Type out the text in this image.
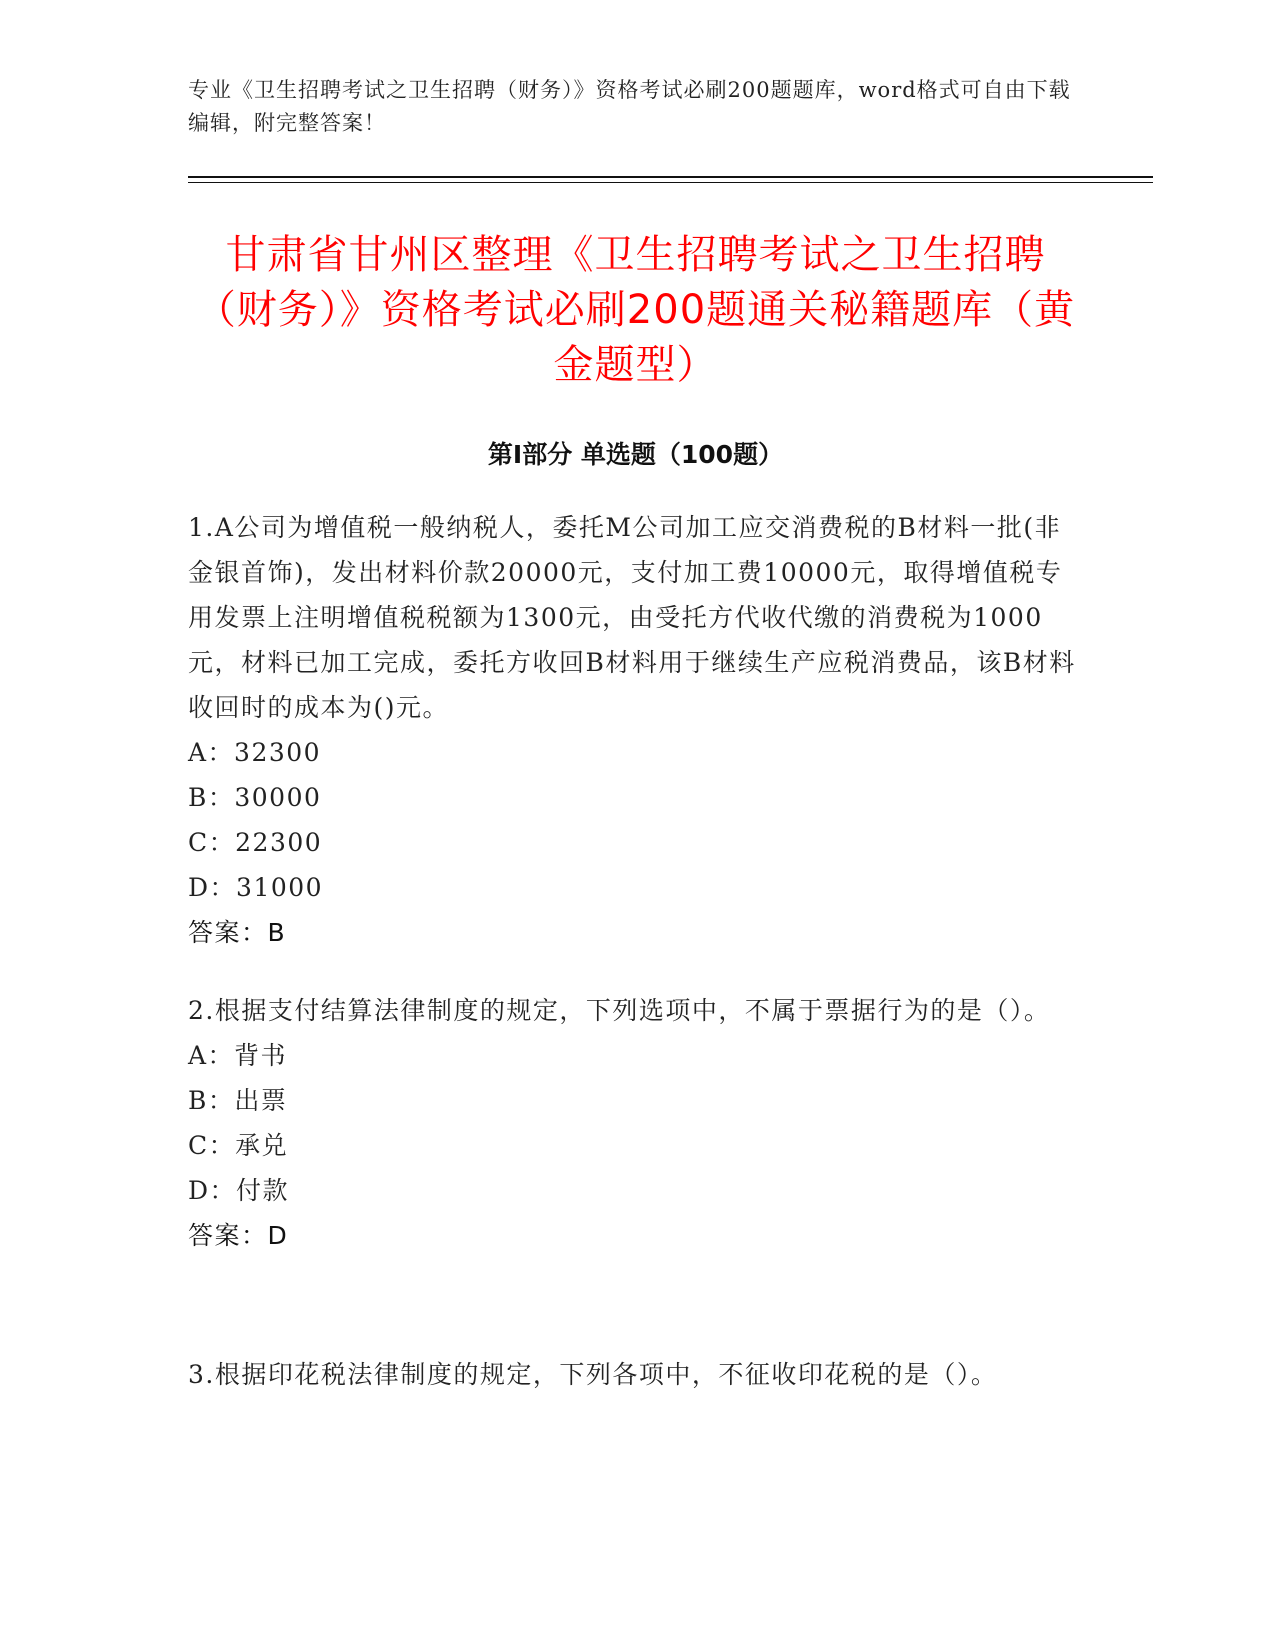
专业《卫生招聘考试之卫生招聘（财务）》资格考试必刷200题题库，word格式可自由下载编辑，附完整答案！
甘肃省甘州区整理《卫生招聘考试之卫生招聘（财务）》资格考试必刷200题通关秘籍题库（黄金题型）
第Ⅰ部分 单选题（100题）

1.A公司为增值税一般纳税人，委托M公司加工应交消费税的B材料一批(非金银首饰)，发出材料价款20000元，支付加工费10000元，取得增值税专用发票上注明增值税税额为1300元，由受托方代收代缴的消费税为1000元，材料已加工完成，委托方收回B材料用于继续生产应税消费品，该B材料收回时的成本为()元。

A：32300

B：30000

C：22300

D：31000

答案：B

2.根据支付结算法律制度的规定，下列选项中，不属于票据行为的是（）。

A：背书

B：出票

C：承兑

D：付款

答案：D

3.根据印花税法律制度的规定，下列各项中，不征收印花税的是（）。
